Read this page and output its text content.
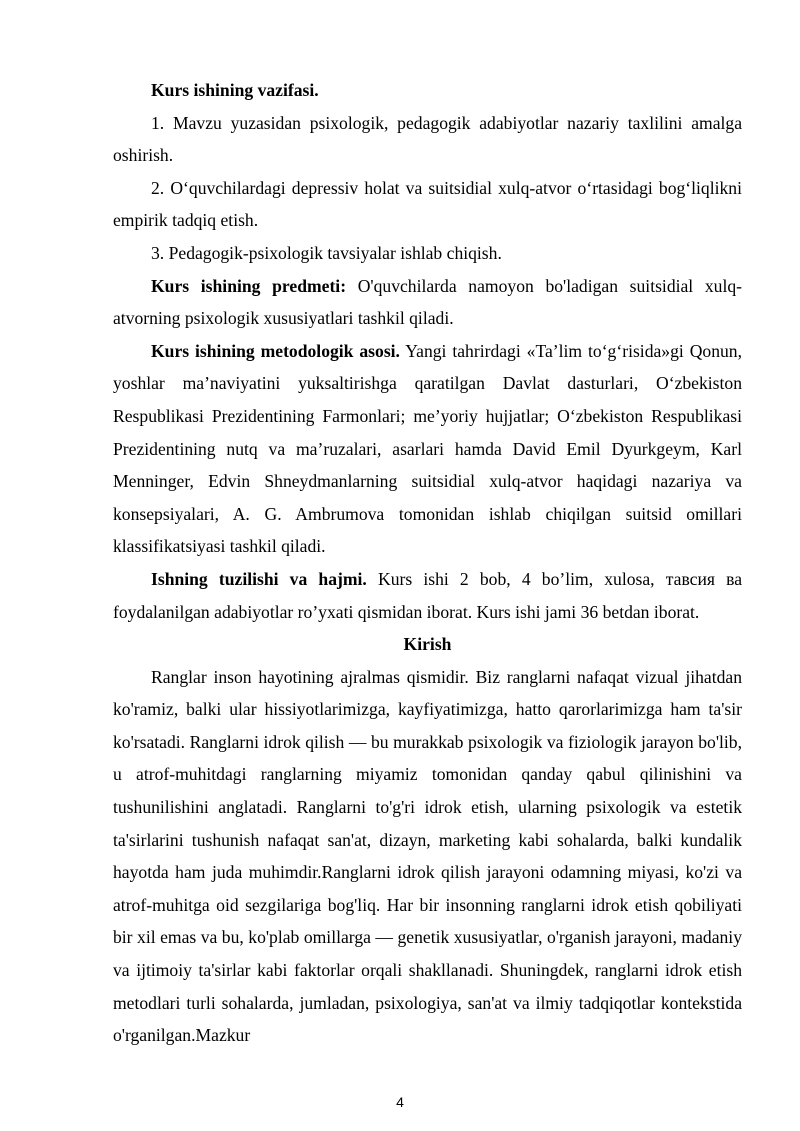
Kurs ishining vazifasi.

1. Mavzu yuzasidan psixologik, pedagogik adabiyotlar nazariy taxlilini amalga oshirish.

2. O‘quvchilardagi depressiv holat va suitsidial xulq-atvor o‘rtasidagi bog‘liqlikni empirik tadqiq etish.

3. Pedagogik-psixologik tavsiyalar ishlab chiqish.

Kurs ishining predmeti: O'quvchilarda namoyon bo'ladigan suitsidial xulq-atvorning psixologik xususiyatlari tashkil qiladi.

Kurs ishining metodologik asosi. Yangi tahrirdagi «Ta’lim to‘g‘risida»gi Qonun, yoshlar ma’naviyatini yuksaltirishga qaratilgan Davlat dasturlari, O‘zbekiston Respublikasi Prezidentining Farmonlari; me’yoriy hujjatlar; O‘zbekiston Respublikasi Prezidentining nutq va ma’ruzalari, asarlari hamda David Emil Dyurkgeym, Karl Menninger, Edvin Shneydmanlarning suitsidial xulq-atvor haqidagi nazariya va konsepsiyalari, A. G. Ambrumova tomonidan ishlab chiqilgan suitsid omillari klassifikatsiyasi tashkil qiladi.

Ishning tuzilishi va hajmi. Kurs ishi 2 bob, 4 bo’lim, xulosa, тавсия ва foydalanilgan adabiyotlar ro’yxati qismidan iborat. Kurs ishi jami 36 betdan iborat.

Kirish

Ranglar inson hayotining ajralmas qismidir. Biz ranglarni nafaqat vizual jihatdan ko'ramiz, balki ular hissiyotlarimizga, kayfiyatimizga, hatto qarorlarimizga ham ta'sir ko'rsatadi. Ranglarni idrok qilish — bu murakkab psixologik va fiziologik jarayon bo'lib, u atrof-muhitdagi ranglarning miyamiz tomonidan qanday qabul qilinishini va tushunilishini anglatadi. Ranglarni to'g'ri idrok etish, ularning psixologik va estetik ta'sirlarini tushunish nafaqat san'at, dizayn, marketing kabi sohalarda, balki kundalik hayotda ham juda muhimdir.Ranglarni idrok qilish jarayoni odamning miyasi, ko'zi va atrof-muhitga oid sezgilariga bog'liq. Har bir insonning ranglarni idrok etish qobiliyati bir xil emas va bu, ko'plab omillarga — genetik xususiyatlar, o'rganish jarayoni, madaniy va ijtimoiy ta'sirlar kabi faktorlar orqali shakllanadi. Shuningdek, ranglarni idrok etish metodlari turli sohalarda, jumladan, psixologiya, san'at va ilmiy tadqiqotlar kontekstida o'rganilgan.Mazkur

4
